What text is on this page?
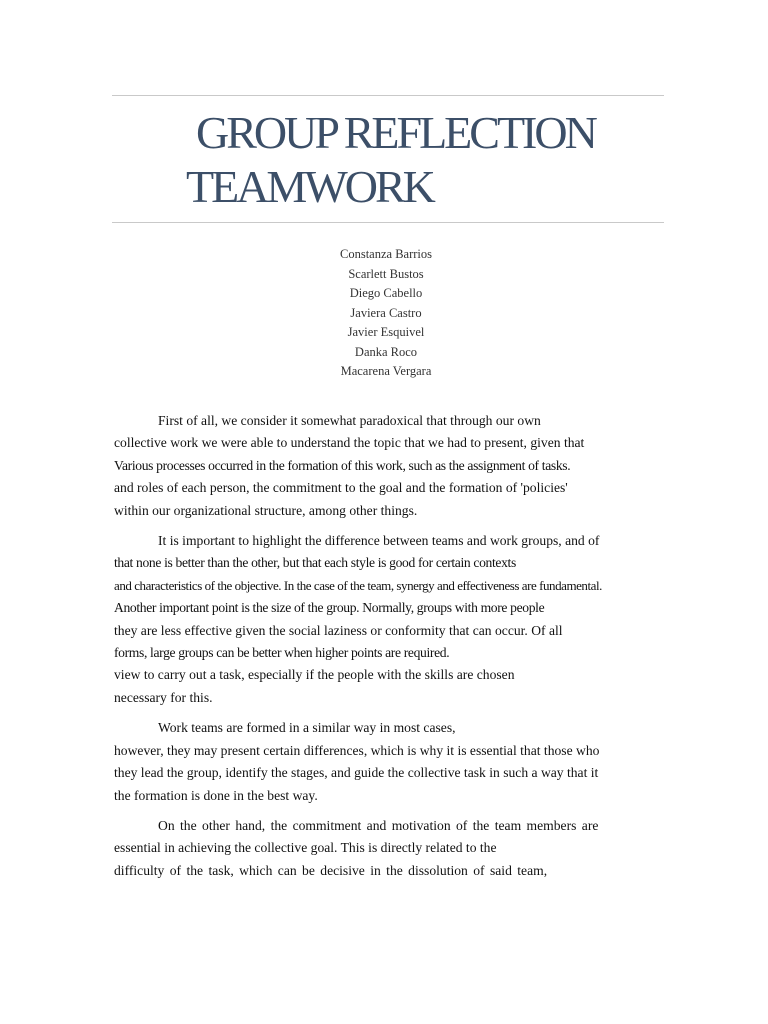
GROUP REFLECTION
TEAMWORK
Constanza Barrios
Scarlett Bustos
Diego Cabello
Javiera Castro
Javier Esquivel
Danka Roco
Macarena Vergara
First of all, we consider it somewhat paradoxical that through our own
collective work we were able to understand the topic that we had to present, given that
Various processes occurred in the formation of this work, such as the assignment of tasks.
and roles of each person, the commitment to the goal and the formation of 'policies'
within our organizational structure, among other things.
It is important to highlight the difference between teams and work groups, and of
that none is better than the other, but that each style is good for certain contexts
and characteristics of the objective. In the case of the team, synergy and effectiveness are fundamental.
Another important point is the size of the group. Normally, groups with more people
they are less effective given the social laziness or conformity that can occur. Of all
forms, large groups can be better when higher points are required.
view to carry out a task, especially if the people with the skills are chosen
necessary for this.
Work teams are formed in a similar way in most cases,
however, they may present certain differences, which is why it is essential that those who
they lead the group, identify the stages, and guide the collective task in such a way that it
the formation is done in the best way.
On the other hand, the commitment and motivation of the team members are
essential in achieving the collective goal. This is directly related to the
difficulty of the task, which can be decisive in the dissolution of said team,
